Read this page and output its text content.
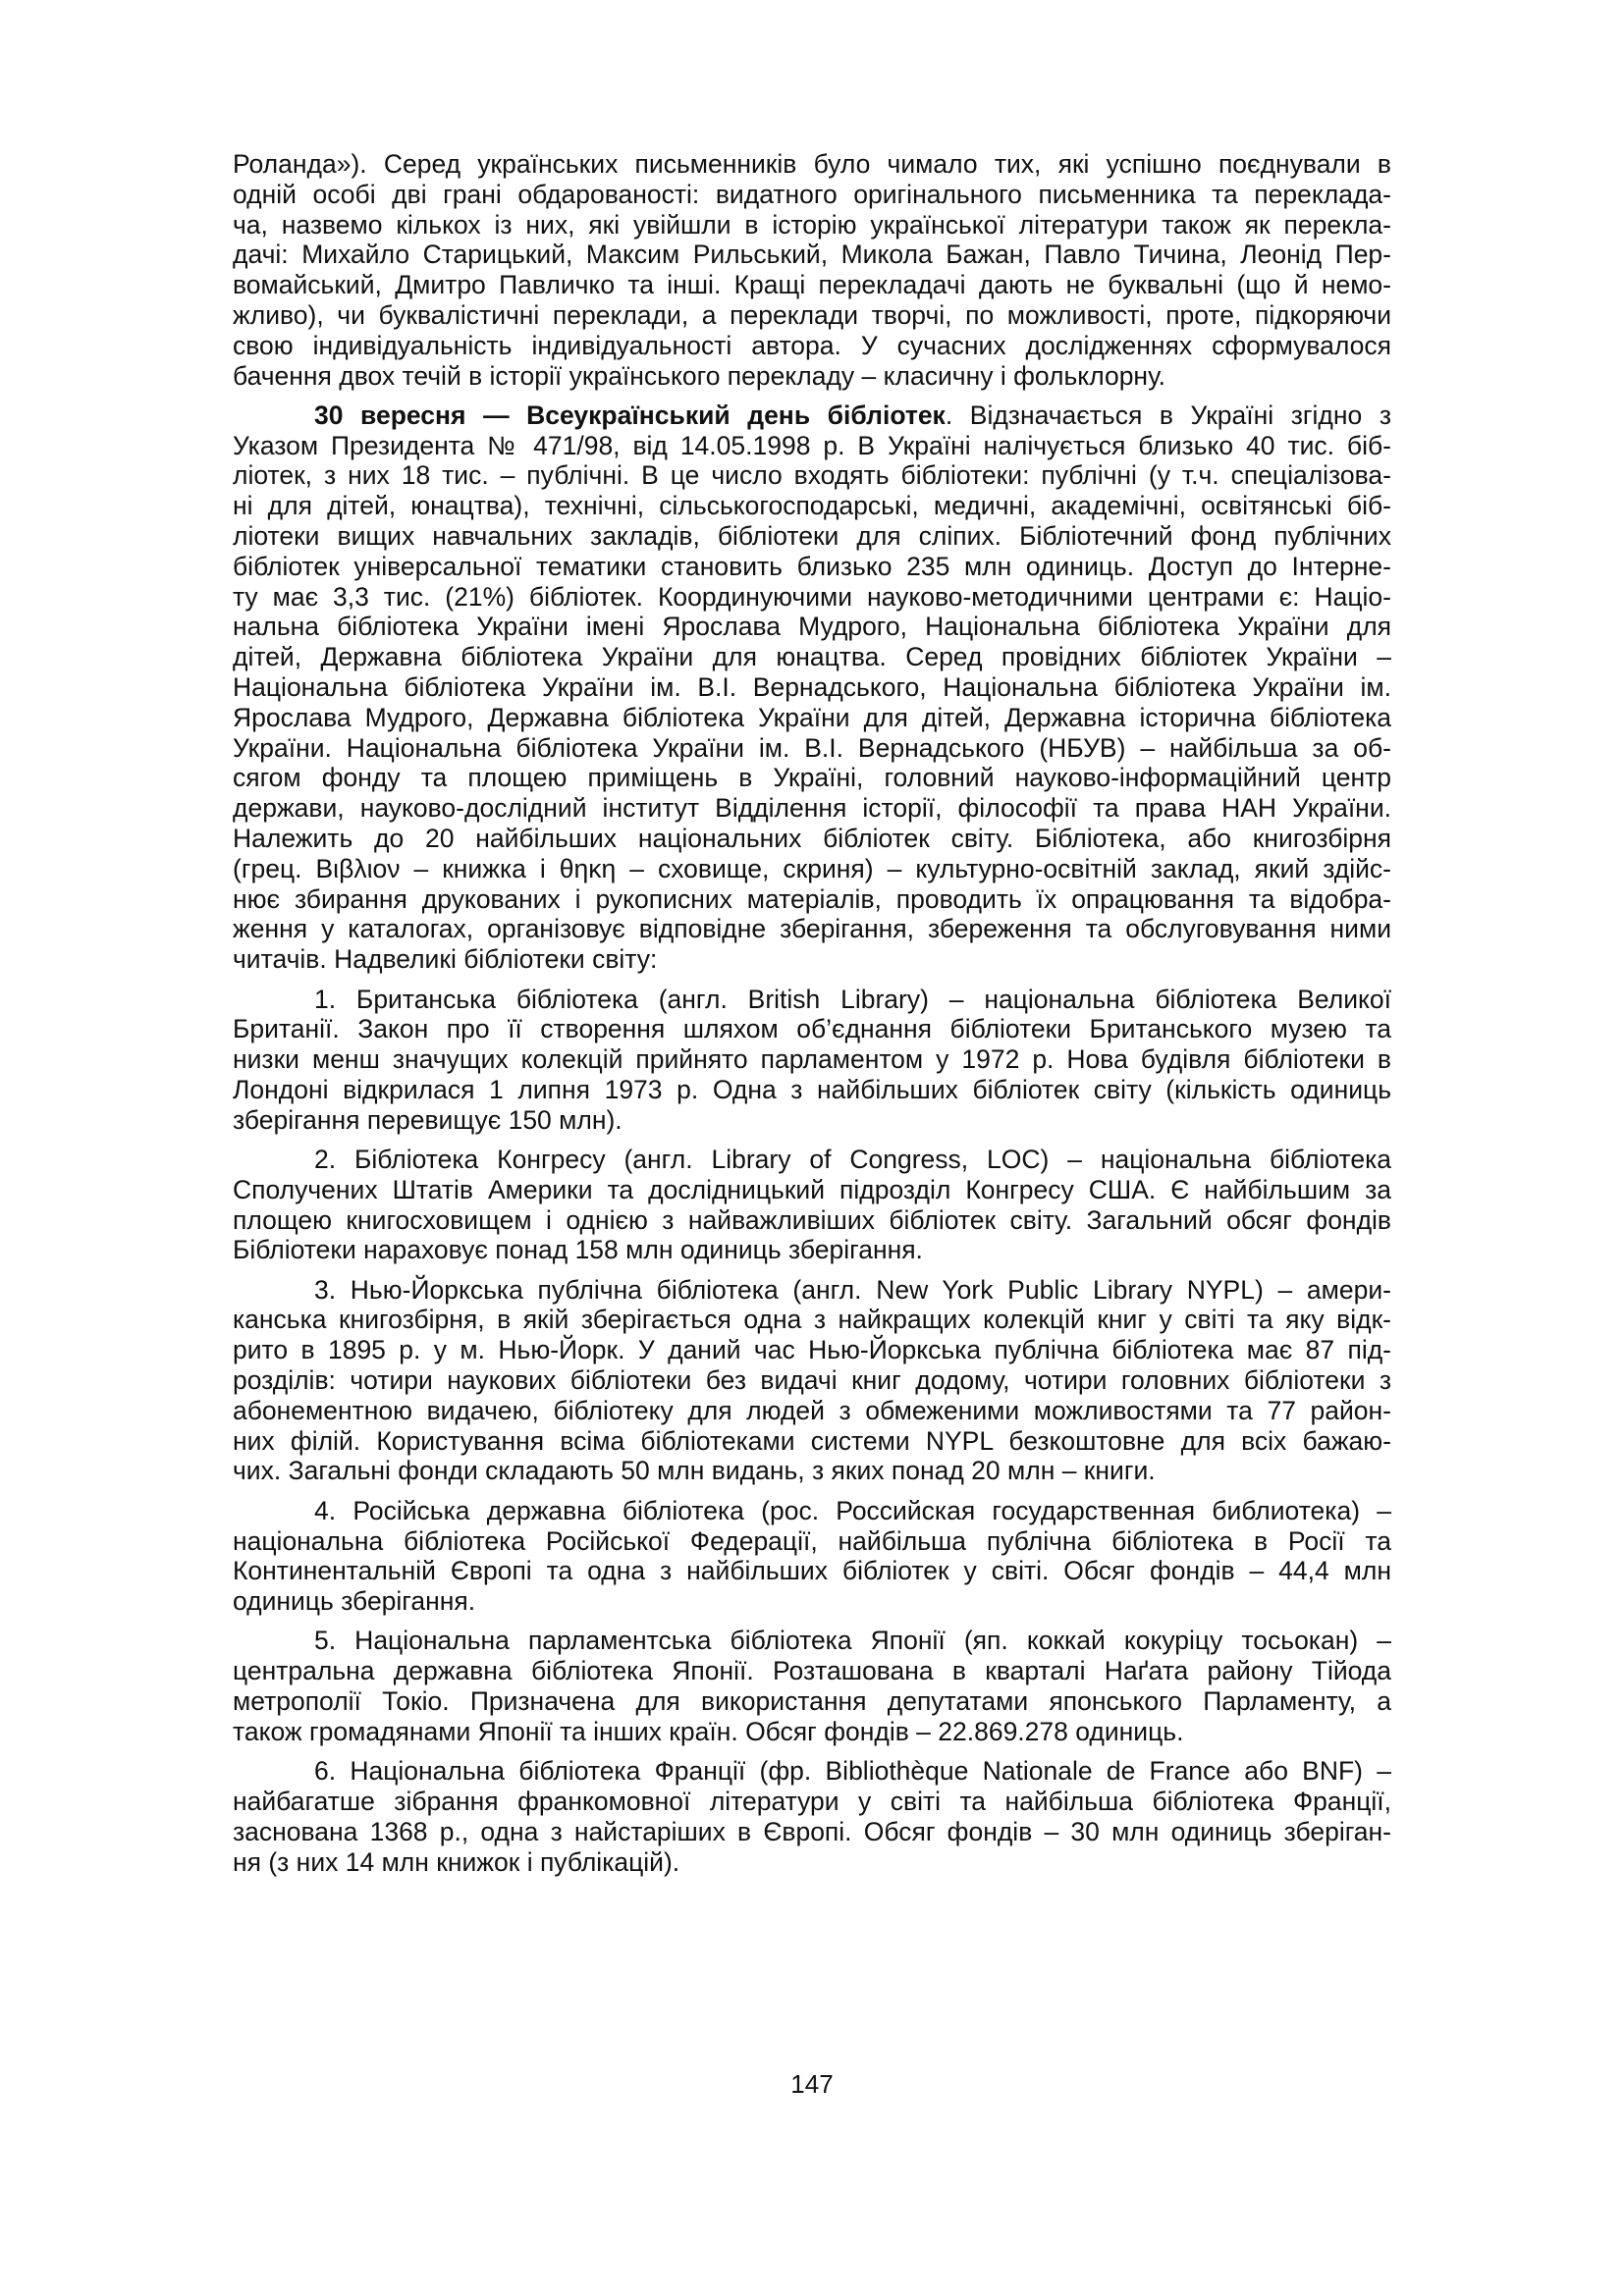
Роланда»). Серед українських письменників було чимало тих, які успішно поєднували в
одній особі дві грані обдарованості: видатного оригінального письменника та переклада-
ча, назвемо кількох із них, які увійшли в історію української літератури також як перекла-
дачі: Михайло Старицький, Максим Рильський, Микола Бажан, Павло Тичина, Леонід Пер-
вомайський, Дмитро Павличко та інші. Кращі перекладачі дають не буквальні (що й немо-
жливо), чи буквалістичні переклади, а переклади творчі, по можливості, проте, підкоряючи
свою індивідуальність індивідуальності автора. У сучасних дослідженнях сформувалося
бачення двох течій в історії українського перекладу – класичну і фольклорну.

30 вересня — Всеукраїнський день бібліотек. Відзначається в Україні згідно з
Указом Президента № 471/98, від 14.05.1998 р. В Україні налічується близько 40 тис. біб-
ліотек, з них 18 тис. – публічні. В це число входять бібліотеки: публічні (у т.ч. спеціалізова-
ні для дітей, юнацтва), технічні, сільськогосподарські, медичні, академічні, освітянські біб-
ліотеки вищих навчальних закладів, бібліотеки для сліпих. Бібліотечний фонд публічних
бібліотек універсальної тематики становить близько 235 млн одиниць. Доступ до Інтерне-
ту має 3,3 тис. (21%) бібліотек. Координуючими науково-методичними центрами є: Націо-
нальна бібліотека України імені Ярослава Мудрого, Національна бібліотека України для
дітей, Державна бібліотека України для юнацтва. Серед провідних бібліотек України –
Національна бібліотека України ім. В.І. Вернадського, Національна бібліотека України ім.
Ярослава Мудрого, Державна бібліотека України для дітей, Державна історична бібліотека
України. Національна бібліотека України ім. В.І. Вернадського (НБУВ) – найбільша за об-
сягом фонду та площею приміщень в Україні, головний науково-інформаційний центр
держави, науково-дослідний інститут Відділення історії, філософії та права НАН України.
Належить до 20 найбільших національних бібліотек світу. Бібліотека, або книгозбірня
(грец. Βιβλιον – книжка і θηκη – сховище, скриня) – культурно-освітній заклад, який здійс-
нює збирання друкованих і рукописних матеріалів, проводить їх опрацювання та відобра-
ження у каталогах, організовує відповідне зберігання, збереження та обслуговування ними
читачів. Надвеликі бібліотеки світу:

1. Британська бібліотека (англ. British Library) – національна бібліотека Великої
Британії. Закон про її створення шляхом об’єднання бібліотеки Британського музею та
низки менш значущих колекцій прийнято парламентом у 1972 р. Нова будівля бібліотеки в
Лондоні відкрилася 1 липня 1973 р. Одна з найбільших бібліотек світу (кількість одиниць
зберігання перевищує 150 млн).

2. Бібліотека Конгресу (англ. Library of Congress, LOC) – національна бібліотека
Сполучених Штатів Америки та дослідницький підрозділ Конгресу США. Є найбільшим за
площею книгосховищем і однією з найважливіших бібліотек світу. Загальний обсяг фондів
Бібліотеки нараховує понад 158 млн одиниць зберігання.

3. Нью-Йоркська публічна бібліотека (англ. New York Public Library NYPL) – амери-
канська книгозбірня, в якій зберігається одна з найкращих колекцій книг у світі та яку відк-
рито в 1895 р. у м. Нью-Йорк. У даний час Нью-Йоркська публічна бібліотека має 87 під-
розділів: чотири наукових бібліотеки без видачі книг додому, чотири головних бібліотеки з
абонементною видачею, бібліотеку для людей з обмеженими можливостями та 77 район-
них філій. Користування всіма бібліотеками системи NYPL безкоштовне для всіх бажаю-
чих. Загальні фонди складають 50 млн видань, з яких понад 20 млн – книги.

4. Російська державна бібліотека (рос. Российская государственная библиотека) –
національна бібліотека Російської Федерації, найбільша публічна бібліотека в Росії та
Континентальній Європі та одна з найбільших бібліотек у світі. Обсяг фондів – 44,4 млн
одиниць зберігання.

5. Національна парламентська бібліотека Японії (яп. коккай кокуріцу тосьокан) –
центральна державна бібліотека Японії. Розташована в кварталі Наґата району Тійода
метрополії Токіо. Призначена для використання депутатами японського Парламенту, а
також громадянами Японії та інших країн. Обсяг фондів – 22.869.278 одиниць.

6. Національна бібліотека Франції (фр. Bibliothèque Nationale de France або BNF) –
найбагатше зібрання франкомовної літератури у світі та найбільша бібліотека Франції,
заснована 1368 р., одна з найстаріших в Європі. Обсяг фондів – 30 млн одиниць зберіган-
ня (з них 14 млн книжок і публікацій).

147
